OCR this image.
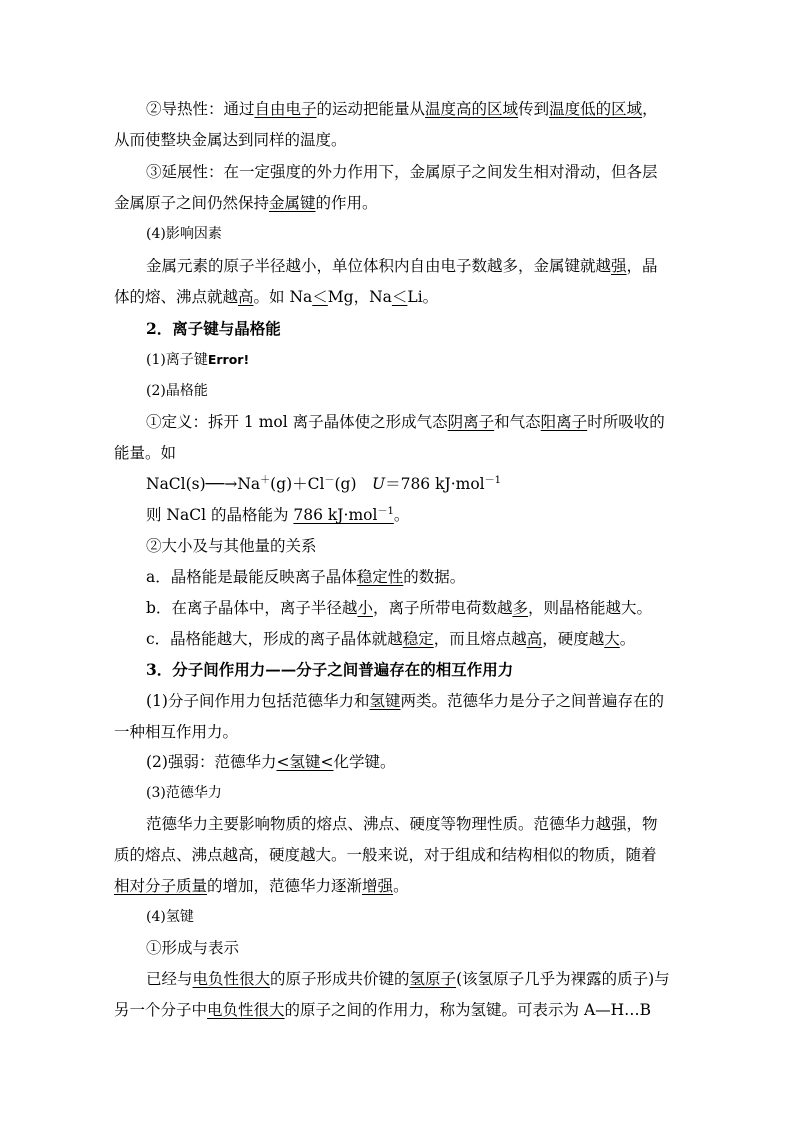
②导热性：通过自由电子的运动把能量从温度高的区域传到温度低的区域，
从而使整块金属达到同样的温度。
③延展性：在一定强度的外力作用下，金属原子之间发生相对滑动，但各层
金属原子之间仍然保持金属键的作用。
(4)影响因素
金属元素的原子半径越小，单位体积内自由电子数越多，金属键就越强，晶
体的熔、沸点就越高。如 Na＜Mg，Na＜Li。
2．离子键与晶格能
(1)离子键Error!
(2)晶格能
①定义：拆开 1 mol 离子晶体使之形成气态阴离子和气态阳离子时所吸收的
能量。如
NaCl(s)──→Na＋(g)＋Cl－(g)　U＝786 kJ·mol$^{-1}$
则 NaCl 的晶格能为 786 kJ·mol$^{-1}$。
②大小及与其他量的关系
a．晶格能是最能反映离子晶体稳定性的数据。
b．在离子晶体中，离子半径越小，离子所带电荷数越多，则晶格能越大。
c．晶格能越大，形成的离子晶体就越稳定，而且熔点越高，硬度越大。
3．分子间作用力——分子之间普遍存在的相互作用力
(1)分子间作用力包括范德华力和氢键两类。范德华力是分子之间普遍存在的
一种相互作用力。
(2)强弱：范德华力<氢键<化学键。
(3)范德华力
范德华力主要影响物质的熔点、沸点、硬度等物理性质。范德华力越强，物
质的熔点、沸点越高，硬度越大。一般来说，对于组成和结构相似的物质，随着
相对分子质量的增加，范德华力逐渐增强。
(4)氢键
①形成与表示
已经与电负性很大的原子形成共价键的氢原子(该氢原子几乎为裸露的质子)与
另一个分子中电负性很大的原子之间的作用力，称为氢键。可表示为 A—H…B
